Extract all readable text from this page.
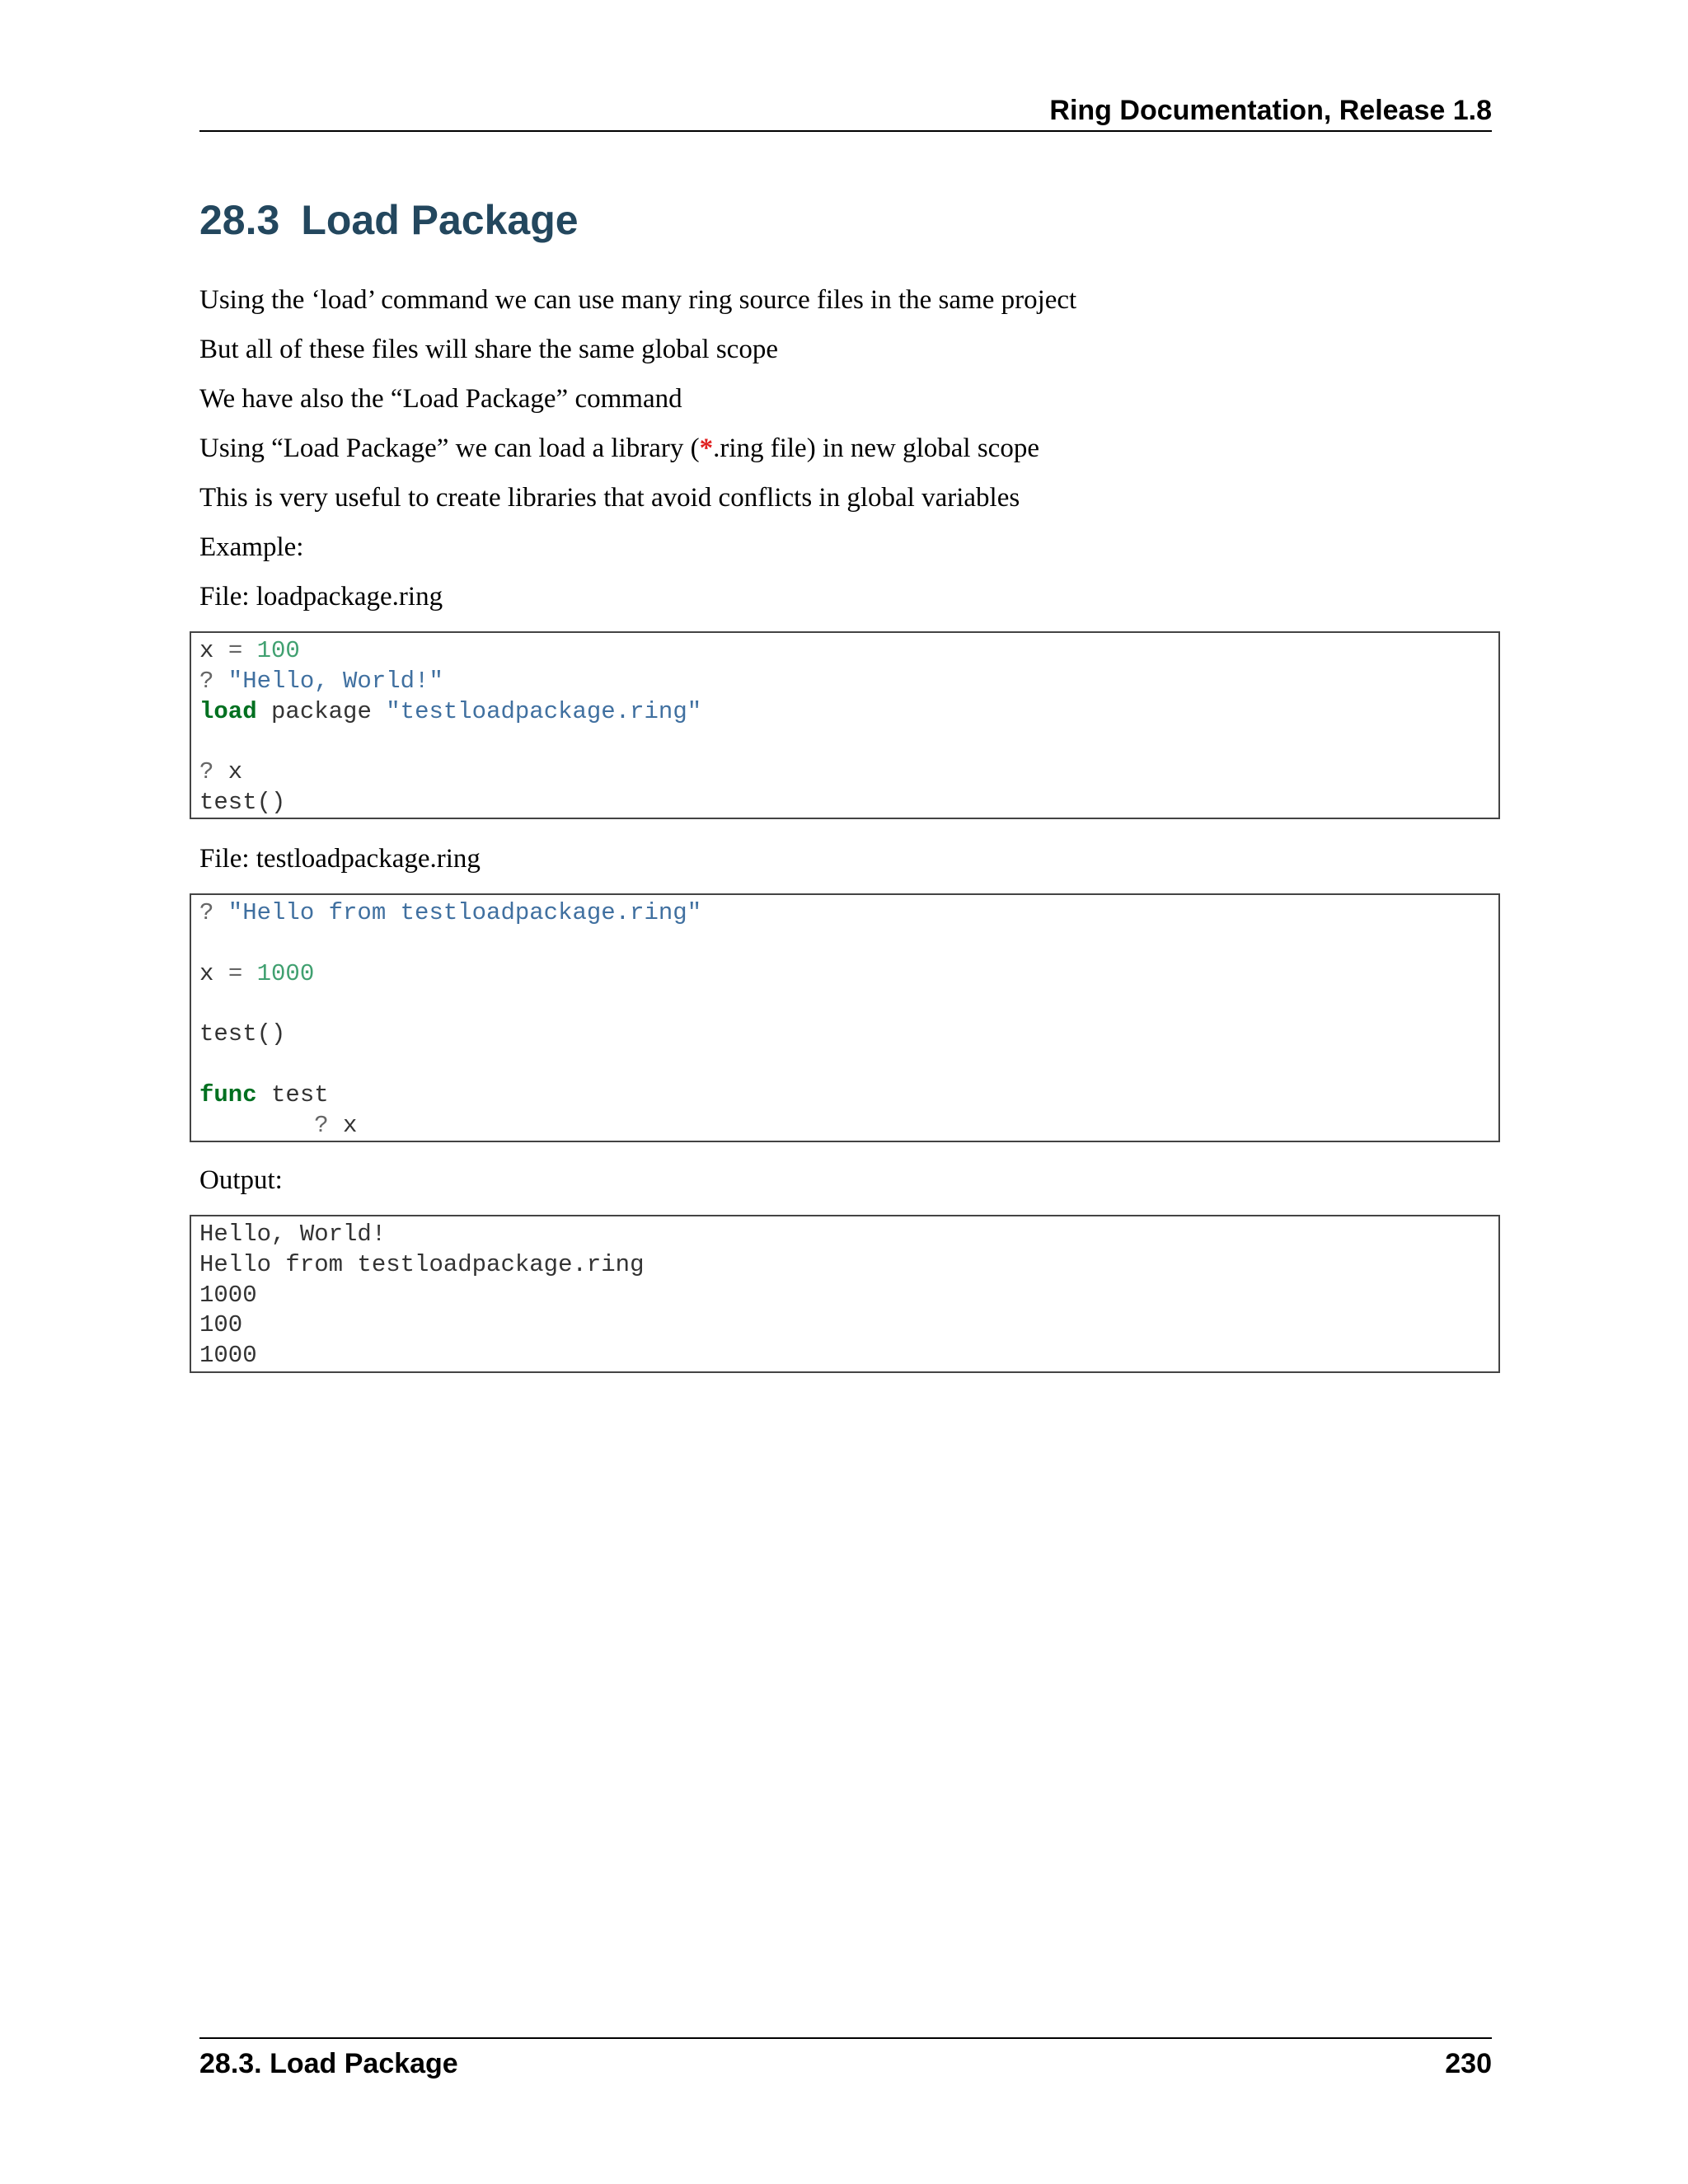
Ring Documentation, Release 1.8
28.3 Load Package
Using the ‘load’ command we can use many ring source files in the same project
But all of these files will share the same global scope
We have also the “Load Package” command
Using “Load Package” we can load a library (*.ring file) in new global scope
This is very useful to create libraries that avoid conflicts in global variables
Example:
File: loadpackage.ring
x = 100
? "Hello, World!"
load package "testloadpackage.ring"
? x
test()
File: testloadpackage.ring
? "Hello from testloadpackage.ring"
x = 1000
test()
func test
? x
Output:
Hello, World!
Hello from testloadpackage.ring
1000
100
1000
28.3. Load Package	230
